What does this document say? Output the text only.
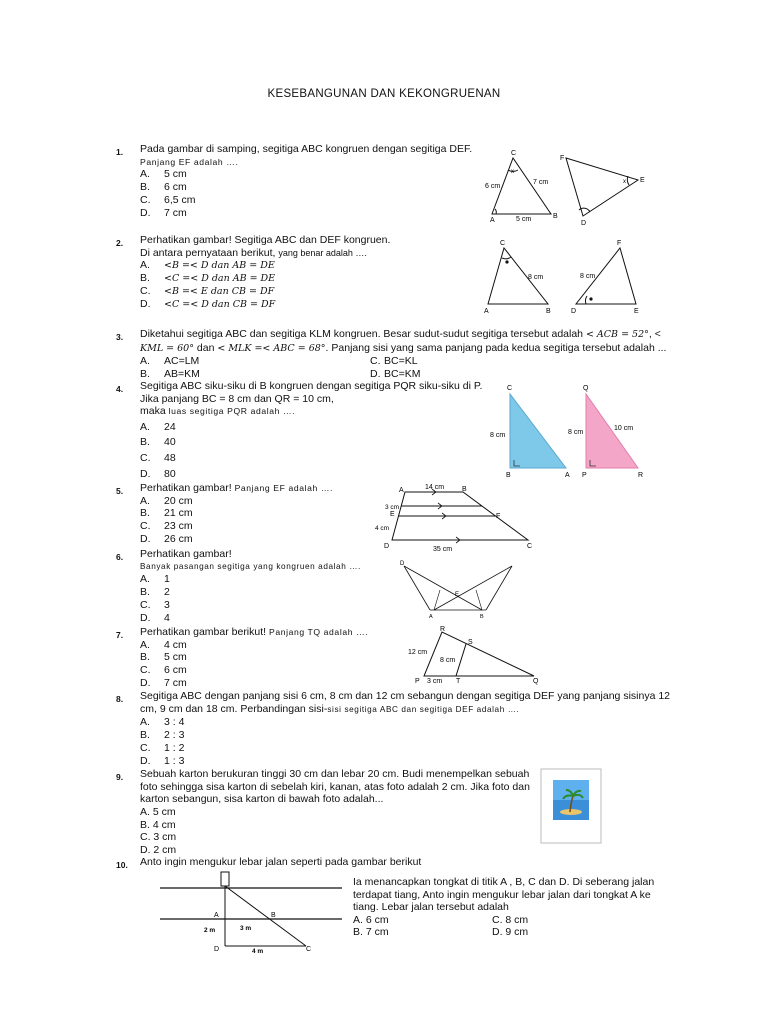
KESEBANGUNAN DAN KEKONGRUENAN
1. Pada gambar di samping, segitiga ABC kongruen dengan segitiga DEF.
Panjang EF adalah ….
A. 5 cm
B. 6 cm
C. 6,5 cm
D. 7 cm
C
x
6 cm
7 cm
5 cm
A
B
F
E
x
D
2. Perhatikan gambar! Segitiga ABC dan DEF kongruen.
Di antara pernyataan berikut, yang benar adalah ….
A. <B =< D dan AB = DE
B. <C =< D dan AB = DE
C. <B =< E dan CB = DF
D. <C =< D dan CB = DF
C
8 cm
A	B
F
8 cm
D	E
3. Diketahui segitiga ABC dan segitiga KLM kongruen. Besar sudut-sudut segitiga tersebut adalah < ACB = 52°, <
KML = 60° dan < MLK =< ABC = 68°. Panjang sisi yang sama panjang pada kedua segitiga tersebut adalah ...
A. AC=LM	C. BC=KL
B. AB=KM	D. BC=KM
4. Segitiga ABC siku-siku di B kongruen dengan segitiga PQR siku-siku di P.
Jika panjang BC = 8 cm dan QR = 10 cm,
maka luas segitiga PQR adalah ….
A. 24
B. 40
C. 48
D. 80
C
8 cm
B	A
Q
8 cm
10 cm
P	R
5. Perhatikan gambar! Panjang EF adalah ….
A. 20 cm
B. 21 cm
C. 23 cm
D. 26 cm
A	B
14 cm
3 cm
4 cm
E	F
D	C
35 cm
6. Perhatikan gambar!
Banyak pasangan segitiga yang kongruen adalah ….
A. 1
B. 2
C. 3
D. 4
D
E
A	B
7. Perhatikan gambar berikut! Panjang TQ adalah ….
A. 4 cm
B. 5 cm
C. 6 cm
D. 7 cm
R
S
12 cm
8 cm
P 3 cm T	Q
8. Segitiga ABC dengan panjang sisi 6 cm, 8 cm dan 12 cm sebangun dengan segitiga DEF yang panjang sisinya 12
cm, 9 cm dan 18 cm. Perbandingan sisi-sisi segitiga ABC dan segitiga DEF adalah ….
A. 3 : 4
B. 2 : 3
C. 1 : 2
D. 1 : 3
9. Sebuah karton berukuran tinggi 30 cm dan lebar 20 cm. Budi menempelkan sebuah
foto sehingga sisa karton di sebelah kiri, kanan, atas foto adalah 2 cm. Jika foto dan
karton sebangun, sisa karton di bawah foto adalah...
A. 5 cm
B. 4 cm
C. 3 cm
D. 2 cm
10. Anto ingin mengukur lebar jalan seperti pada gambar berikut
Ia menancapkan tongkat di titik A , B, C dan D. Di seberang jalan
terdapat tiang, Anto ingin mengukur lebar jalan dari tongkat A ke
tiang. Lebar jalan tersebut adalah
A. 6 cm	C. 8 cm
B. 7 cm	D. 9 cm
A	B
2 m	3 m
D	4 m	C
